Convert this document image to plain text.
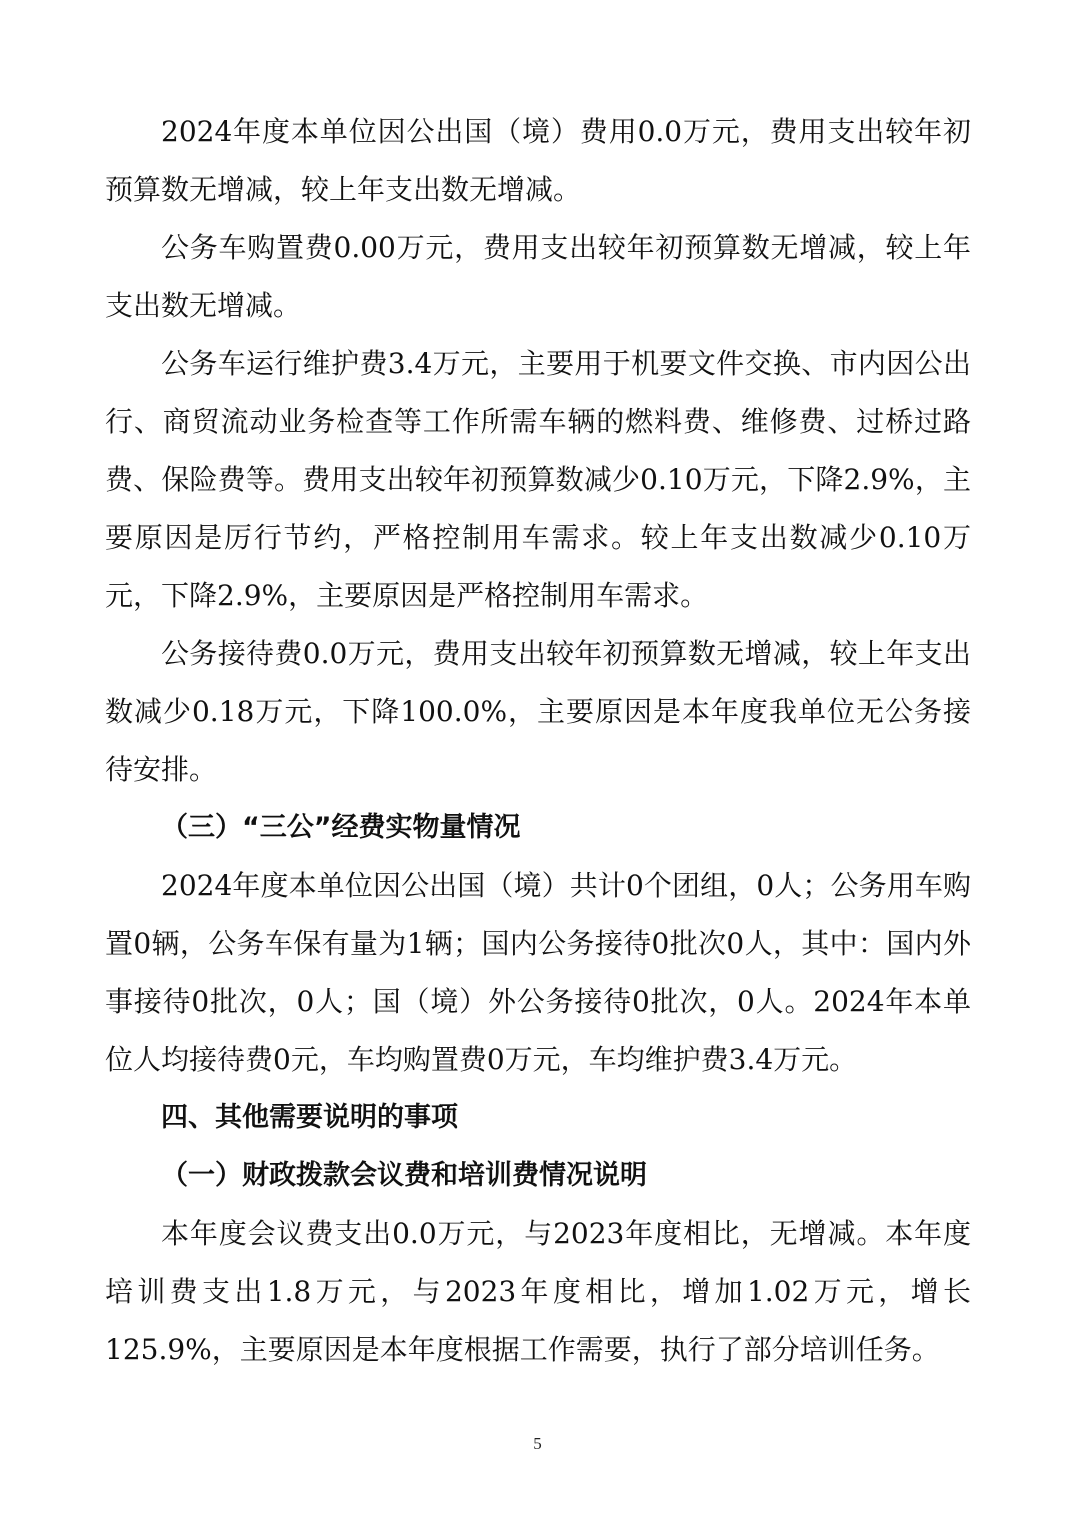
2024年度本单位因公出国（境）费用0.0万元，费用支出较年初预算数无增减，较上年支出数无增减。

公务车购置费0.00万元，费用支出较年初预算数无增减，较上年支出数无增减。

公务车运行维护费3.4万元，主要用于机要文件交换、市内因公出行、商贸流动业务检查等工作所需车辆的燃料费、维修费、过桥过路费、保险费等。费用支出较年初预算数减少0.10万元，下降2.9%，主要原因是厉行节约，严格控制用车需求。较上年支出数减少0.10万元，下降2.9%，主要原因是严格控制用车需求。

公务接待费0.0万元，费用支出较年初预算数无增减，较上年支出数减少0.18万元，下降100.0%，主要原因是本年度我单位无公务接待安排。

（三）“三公”经费实物量情况

2024年度本单位因公出国（境）共计0个团组，0人；公务用车购置0辆，公务车保有量为1辆；国内公务接待0批次0人，其中：国内外事接待0批次，0人；国（境）外公务接待0批次，0人。2024年本单位人均接待费0元，车均购置费0万元，车均维护费3.4万元。

四、其他需要说明的事项

（一）财政拨款会议费和培训费情况说明

本年度会议费支出0.0万元，与2023年度相比，无增减。本年度培训费支出1.8万元，与2023年度相比，增加1.02万元，增长125.9%，主要原因是本年度根据工作需要，执行了部分培训任务。

5
